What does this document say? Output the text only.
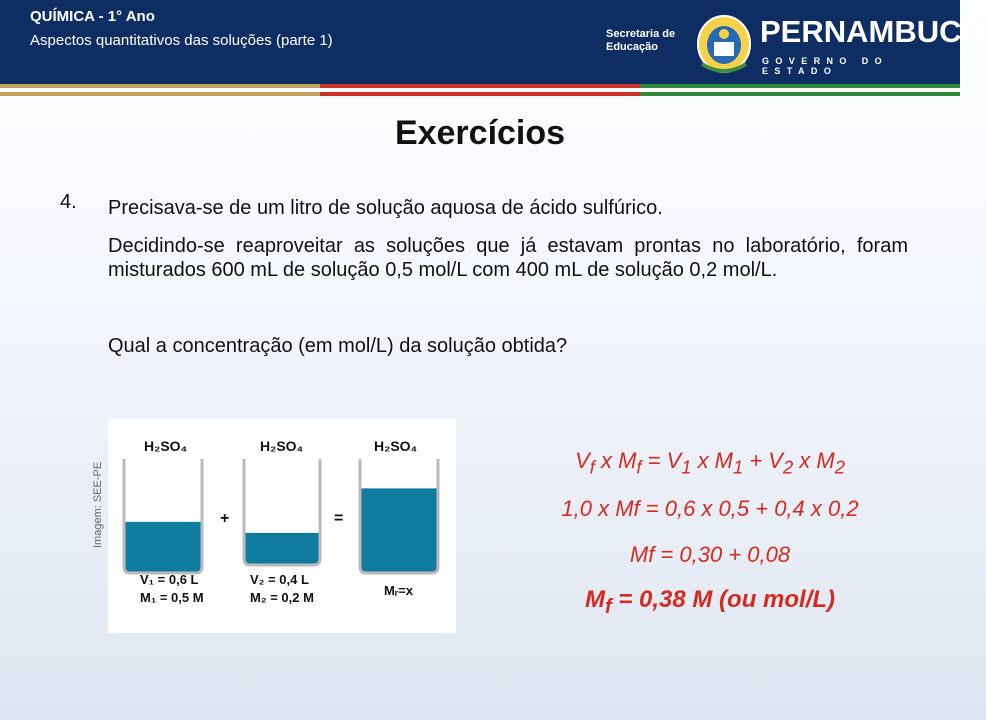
QUÍMICA - 1° Ano
Aspectos quantitativos das soluções (parte 1)	Secretaria de
Educação	PERNAMBUCO
GOVERNO DO ESTADO
Exercícios
4. Precisava-se de um litro de solução aquosa de ácido sulfúrico.
Decidindo-se reaproveitar as soluções que já estavam prontas no laboratório, foram misturados 600 mL de solução 0,5 mol/L com 400 mL de solução 0,2 mol/L.
Qual a concentração (em mol/L) da solução obtida?
Imagem: SEE-PE
H₂SO₄
V₁ = 0,6 L
M₁ = 0,5 M
+
H₂SO₄
V₂ = 0,4 L
M₂ = 0,2 M
=
H₂SO₄
Mᵣ=x
$V_f$ x $M_f = V_1$ x $M_1 + V_2$ x $M_2$
1,0 x Mf = 0,6 x 0,5 + 0,4 x 0,2
Mf = 0,30 + 0,08
$M_f = 0,38$ M (ou mol/L)
